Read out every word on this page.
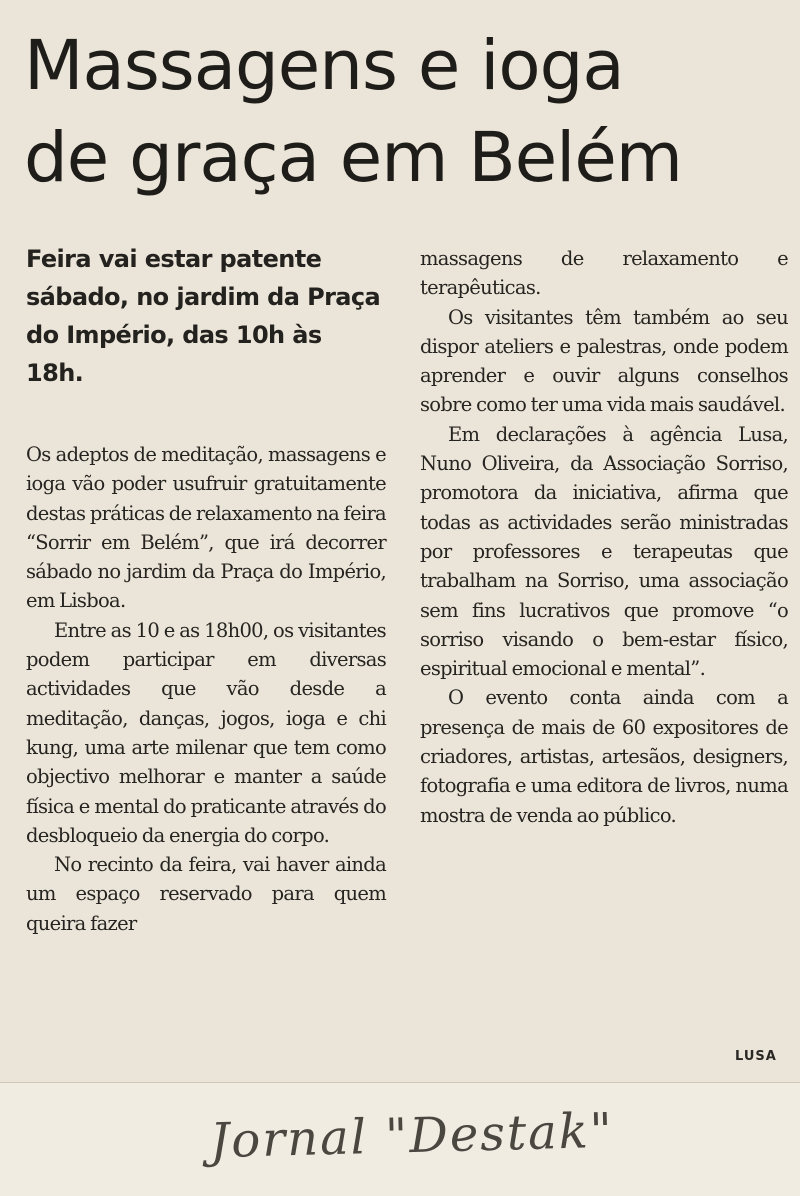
Massagens e ioga
de graça em Belém

Feira vai estar patente sábado, no jardim da Praça do Império, das 10h às 18h.

Os adeptos de meditação, massagens e ioga vão poder usufruir gratuitamente destas práticas de relaxamento na feira “Sorrir em Belém”, que irá decorrer sábado no jardim da Praça do Império, em Lisboa.

Entre as 10 e as 18h00, os visitantes podem participar em diversas actividades que vão desde a meditação, danças, jogos, ioga e chi kung, uma arte milenar que tem como objectivo melhorar e manter a saúde física e mental do praticante através do desbloqueio da energia do corpo.

No recinto da feira, vai haver ainda um espaço reservado para quem queira fazer

massagens de relaxamento e terapêuticas.

Os visitantes têm também ao seu dispor ateliers e palestras, onde podem aprender e ouvir alguns conselhos sobre como ter uma vida mais saudável.

Em declarações à agência Lusa, Nuno Oliveira, da Associação Sorriso, promotora da iniciativa, afirma que todas as actividades serão ministradas por professores e terapeutas que trabalham na Sorriso, uma associação sem fins lucrativos que promove “o sorriso visando o bem-estar físico, espiritual emocional e mental”.

O evento conta ainda com a presença de mais de 60 expositores de criadores, artistas, artesãos, designers, fotografia e uma editora de livros, numa mostra de venda ao público.

LUSA
Jornal "Destak"
